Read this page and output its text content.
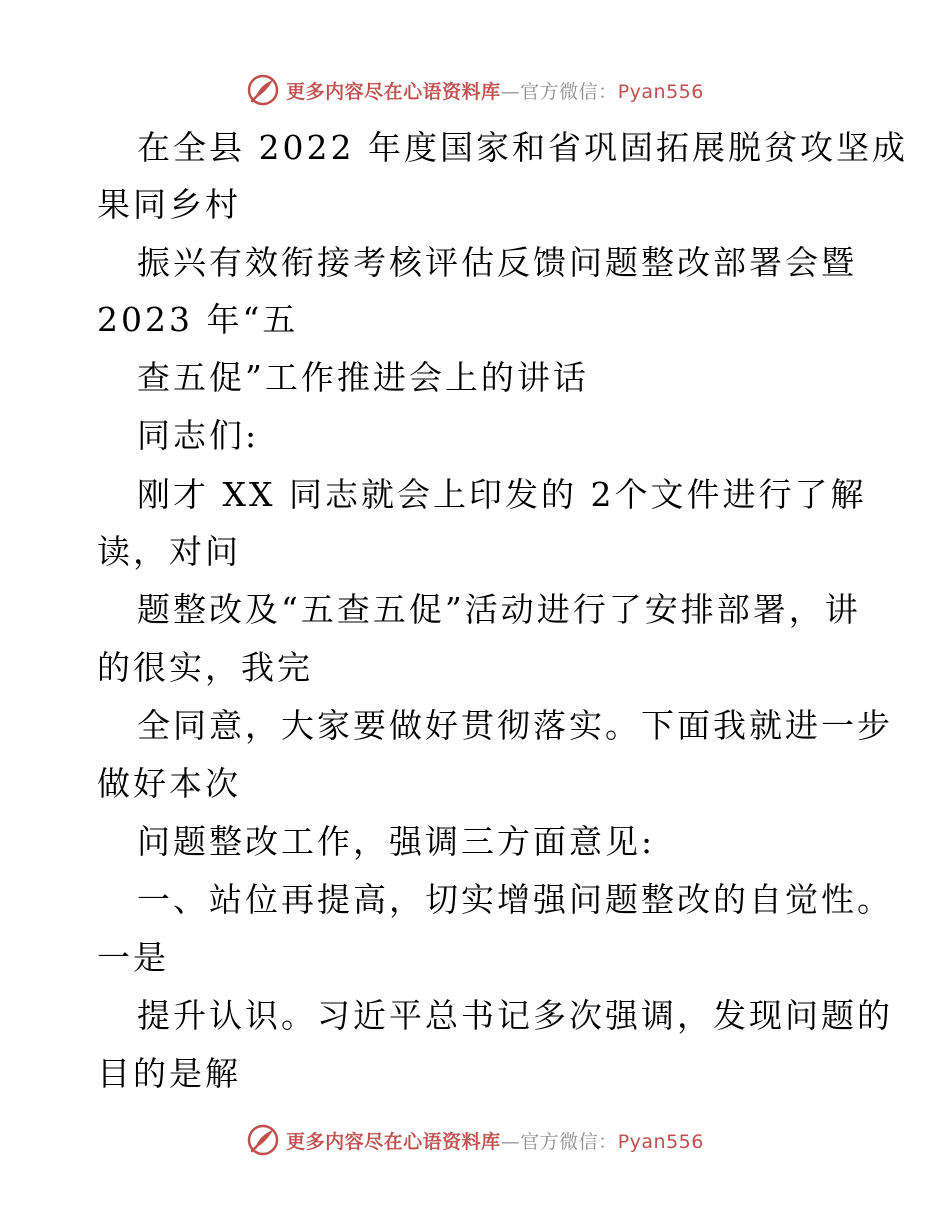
更多内容尽在心语资料库—官方微信：Pyan556
在全县 2022 年度国家和省巩固拓展脱贫攻坚成
果同乡村
振兴有效衔接考核评估反馈问题整改部署会暨
2023 年“五
查五促”工作推进会上的讲话
同志们:
刚才 XX 同志就会上印发的 2个文件进行了解
读，对问
题整改及“五查五促”活动进行了安排部署，讲
的很实，我完
全同意，大家要做好贯彻落实。下面我就进一步
做好本次
问题整改工作，强调三方面意见:
一、站位再提高，切实增强问题整改的自觉性。
一是
提升认识。习近平总书记多次强调，发现问题的
目的是解
更多内容尽在心语资料库—官方微信：Pyan556
